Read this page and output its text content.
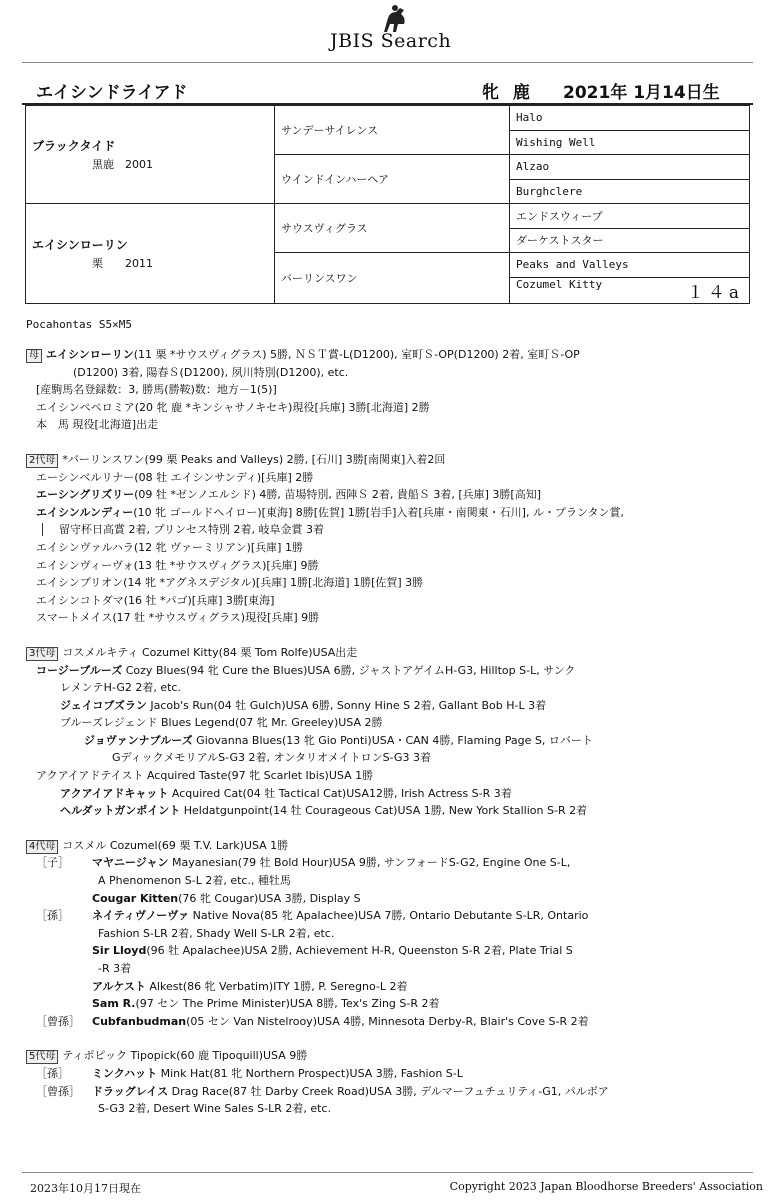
JBIS Search
エイシンドライアド	牝 鹿 2021年 1月14日生
ブラックタイド
黒鹿　2001	サンデーサイレンス	Halo
		Wishing Well
	ウインドインハーヘア	Alzao
		Burghclere

エイシンローリン
栗　　2011	サウスヴィグラス	エンドスウィープ
		ダーケストスター
	バーリンスワン	Peaks and Valleys
		Cozumel Kitty １４a
Pocahontas S5×M5
母 エイシンローリン(11 栗 *サウスヴィグラス) 5勝, ＮＳＴ賞-L(D1200), 室町Ｓ-OP(D1200) 2着, 室町Ｓ-OP
(D1200) 3着, 陽春Ｓ(D1200), 夙川特別(D1200), etc.
[産駒馬名登録数：3, 勝馬(勝鞍)数：地方－1(5)]
エイシンペペロミア(20 牝 鹿 *キンシャサノキセキ)現役[兵庫] 3勝[北海道] 2勝
本　馬 現役[北海道]出走
2代母 *バーリンスワン(99 栗 Peaks and Valleys) 2勝, [石川] 3勝[南関東]入着2回
エーシンベルリナー(08 牡 エイシンサンディ)[兵庫] 2勝
エーシングリズリー(09 牡 *ゼンノエルシド) 4勝, 苗場特別, 西陣Ｓ 2着, 貴船Ｓ 3着, [兵庫] 3勝[高知]
エイシンルンディー(10 牝 ゴールドヘイロー)[東海] 8勝[佐賀] 1勝[岩手]入着[兵庫・南関東・石川], ル・プランタン賞,
留守杯日高賞 2着, プリンセス特別 2着, 岐阜金賞 3着
エイシンヴァルハラ(12 牝 ヴァーミリアン)[兵庫] 1勝
エイシンヴィーヴォ(13 牡 *サウスヴィグラス)[兵庫] 9勝
エイシンブリオン(14 牝 *アグネスデジタル)[兵庫] 1勝[北海道] 1勝[佐賀] 3勝
エイシンコトダマ(16 牡 *パゴ)[兵庫] 3勝[東海]
スマートメイス(17 牡 *サウスヴィグラス)現役[兵庫] 9勝
3代母 コスメルキティ Cozumel Kitty(84 栗 Tom Rolfe)USA出走
コージーブルーズ Cozy Blues(94 牝 Cure the Blues)USA 6勝, ジャストアゲイムH-G3, Hilltop S-L, サンク
レメンテH-G2 2着, etc.
ジェイコブズラン Jacob's Run(04 牡 Gulch)USA 6勝, Sonny Hine S 2着, Gallant Bob H-L 3着
ブルーズレジェンド Blues Legend(07 牝 Mr. Greeley)USA 2勝
ジョヴァンナブルーズ Giovanna Blues(13 牝 Gio Ponti)USA・CAN 4勝, Flaming Page S, ロバート
GディックメモリアルS-G3 2着, オンタリオメイトロンS-G3 3着
アクアイアドテイスト Acquired Taste(97 牝 Scarlet Ibis)USA 1勝
アクアイアドキャット Acquired Cat(04 牡 Tactical Cat)USA12勝, Irish Actress S-R 3着
ヘルダットガンポイント Heldatgunpoint(14 牡 Courageous Cat)USA 1勝, New York Stallion S-R 2着
4代母 コスメル Cozumel(69 栗 T.V. Lark)USA 1勝
［子］ マヤニージャン Mayanesian(79 牡 Bold Hour)USA 9勝, サンフォードS-G2, Engine One S-L,
A Phenomenon S-L 2着, etc., 種牡馬
Cougar Kitten(76 牝 Cougar)USA 3勝, Display S
［孫］ ネイティヴノーヴァ Native Nova(85 牝 Apalachee)USA 7勝, Ontario Debutante S-LR, Ontario
Fashion S-LR 2着, Shady Well S-LR 2着, etc.
Sir Lloyd(96 牡 Apalachee)USA 2勝, Achievement H-R, Queenston S-R 2着, Plate Trial S
-R 3着
アルケスト Alkest(86 牝 Verbatim)ITY 1勝, P. Seregno-L 2着
Sam R.(97 セン The Prime Minister)USA 8勝, Tex's Zing S-R 2着
［曾孫］ Cubfanbudman(05 セン Van Nistelrooy)USA 4勝, Minnesota Derby-R, Blair's Cove S-R 2着
5代母 ティポピック Tipopick(60 鹿 Tipoquill)USA 9勝
［孫］ ミンクハット Mink Hat(81 牝 Northern Prospect)USA 3勝, Fashion S-L
［曾孫］ ドラッグレイス Drag Race(87 牡 Darby Creek Road)USA 3勝, デルマーフュチュリティ-G1, パルボア
S-G3 2着, Desert Wine Sales S-LR 2着, etc.
2023年10月17日現在	Copyright 2023 Japan Bloodhorse Breeders' Association
